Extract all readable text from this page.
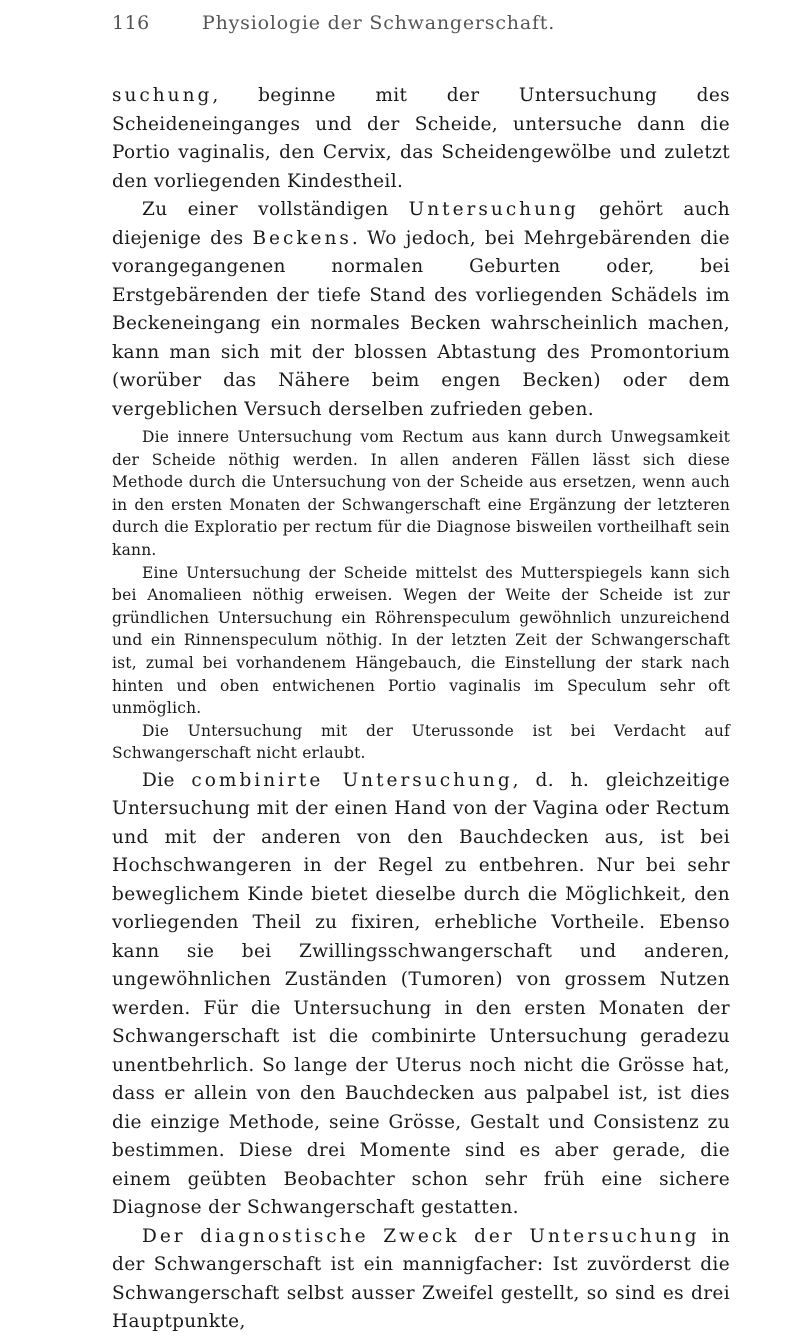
116	Physiologie der Schwangerschaft.

suchung, beginne mit der Untersuchung des Scheideneinganges und der Scheide, untersuche dann die Portio vaginalis, den Cervix, das Scheidengewölbe und zuletzt den vorliegenden Kindestheil.

Zu einer vollständigen Untersuchung gehört auch diejenige des Beckens. Wo jedoch, bei Mehrgebärenden die vorangegangenen normalen Geburten oder, bei Erstgebärenden der tiefe Stand des vorliegenden Schädels im Beckeneingang ein normales Becken wahrscheinlich machen, kann man sich mit der blossen Abtastung des Promontorium (worüber das Nähere beim engen Becken) oder dem vergeblichen Versuch derselben zufrieden geben.

Die innere Untersuchung vom Rectum aus kann durch Unwegsamkeit der Scheide nöthig werden. In allen anderen Fällen lässt sich diese Methode durch die Untersuchung von der Scheide aus ersetzen, wenn auch in den ersten Monaten der Schwangerschaft eine Ergänzung der letzteren durch die Exploratio per rectum für die Diagnose bisweilen vortheilhaft sein kann.

Eine Untersuchung der Scheide mittelst des Mutterspiegels kann sich bei Anomalieen nöthig erweisen. Wegen der Weite der Scheide ist zur gründlichen Untersuchung ein Röhrenspeculum gewöhnlich unzureichend und ein Rinnenspeculum nöthig. In der letzten Zeit der Schwangerschaft ist, zumal bei vorhandenem Hängebauch, die Einstellung der stark nach hinten und oben entwichenen Portio vaginalis im Speculum sehr oft unmöglich.

Die Untersuchung mit der Uterussonde ist bei Verdacht auf Schwangerschaft nicht erlaubt.

Die combinirte Untersuchung, d. h. gleichzeitige Untersuchung mit der einen Hand von der Vagina oder Rectum und mit der anderen von den Bauchdecken aus, ist bei Hochschwangeren in der Regel zu entbehren. Nur bei sehr beweglichem Kinde bietet dieselbe durch die Möglichkeit, den vorliegenden Theil zu fixiren, erhebliche Vortheile. Ebenso kann sie bei Zwillingsschwangerschaft und anderen, ungewöhnlichen Zuständen (Tumoren) von grossem Nutzen werden. Für die Untersuchung in den ersten Monaten der Schwangerschaft ist die combinirte Untersuchung geradezu unentbehrlich. So lange der Uterus noch nicht die Grösse hat, dass er allein von den Bauchdecken aus palpabel ist, ist dies die einzige Methode, seine Grösse, Gestalt und Consistenz zu bestimmen. Diese drei Momente sind es aber gerade, die einem geübten Beobachter schon sehr früh eine sichere Diagnose der Schwangerschaft gestatten.

Der diagnostische Zweck der Untersuchung in der Schwangerschaft ist ein mannigfacher: Ist zuvörderst die Schwangerschaft selbst ausser Zweifel gestellt, so sind es drei Hauptpunkte,
